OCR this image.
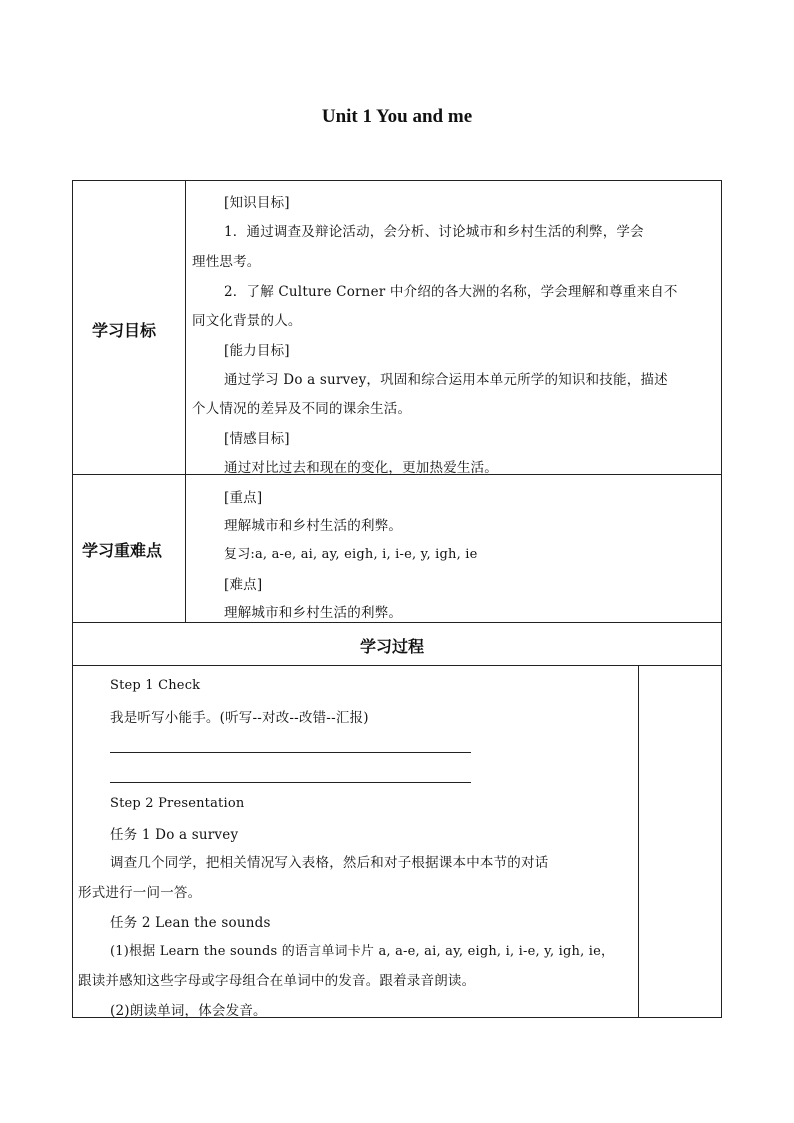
Unit 1 You and me
学习目标
[知识目标]
1．通过调查及辩论活动，会分析、讨论城市和乡村生活的利弊，学会
理性思考。
2．了解 Culture Corner 中介绍的各大洲的名称，学会理解和尊重来自不
同文化背景的人。
[能力目标]
通过学习 Do a survey，巩固和综合运用本单元所学的知识和技能，描述
个人情况的差异及不同的课余生活。
[情感目标]
通过对比过去和现在的变化，更加热爱生活。
学习重难点
[重点]
理解城市和乡村生活的利弊。
复习:a, a-e, ai, ay, eigh, i, i-e, y, igh, ie
[难点]
理解城市和乡村生活的利弊。
学习过程
Step 1 Check
我是听写小能手。(听写--对改--改错--汇报)
Step 2 Presentation
任务 1 Do a survey
调查几个同学，把相关情况写入表格，然后和对子根据课本中本节的对话
形式进行一问一答。
任务 2 Lean the sounds
(1)根据 Learn the sounds 的语言单词卡片 a, a-e, ai, ay, eigh, i, i-e, y, igh, ie，
跟读并感知这些字母或字母组合在单词中的发音。跟着录音朗读。
(2)朗读单词，体会发音。
